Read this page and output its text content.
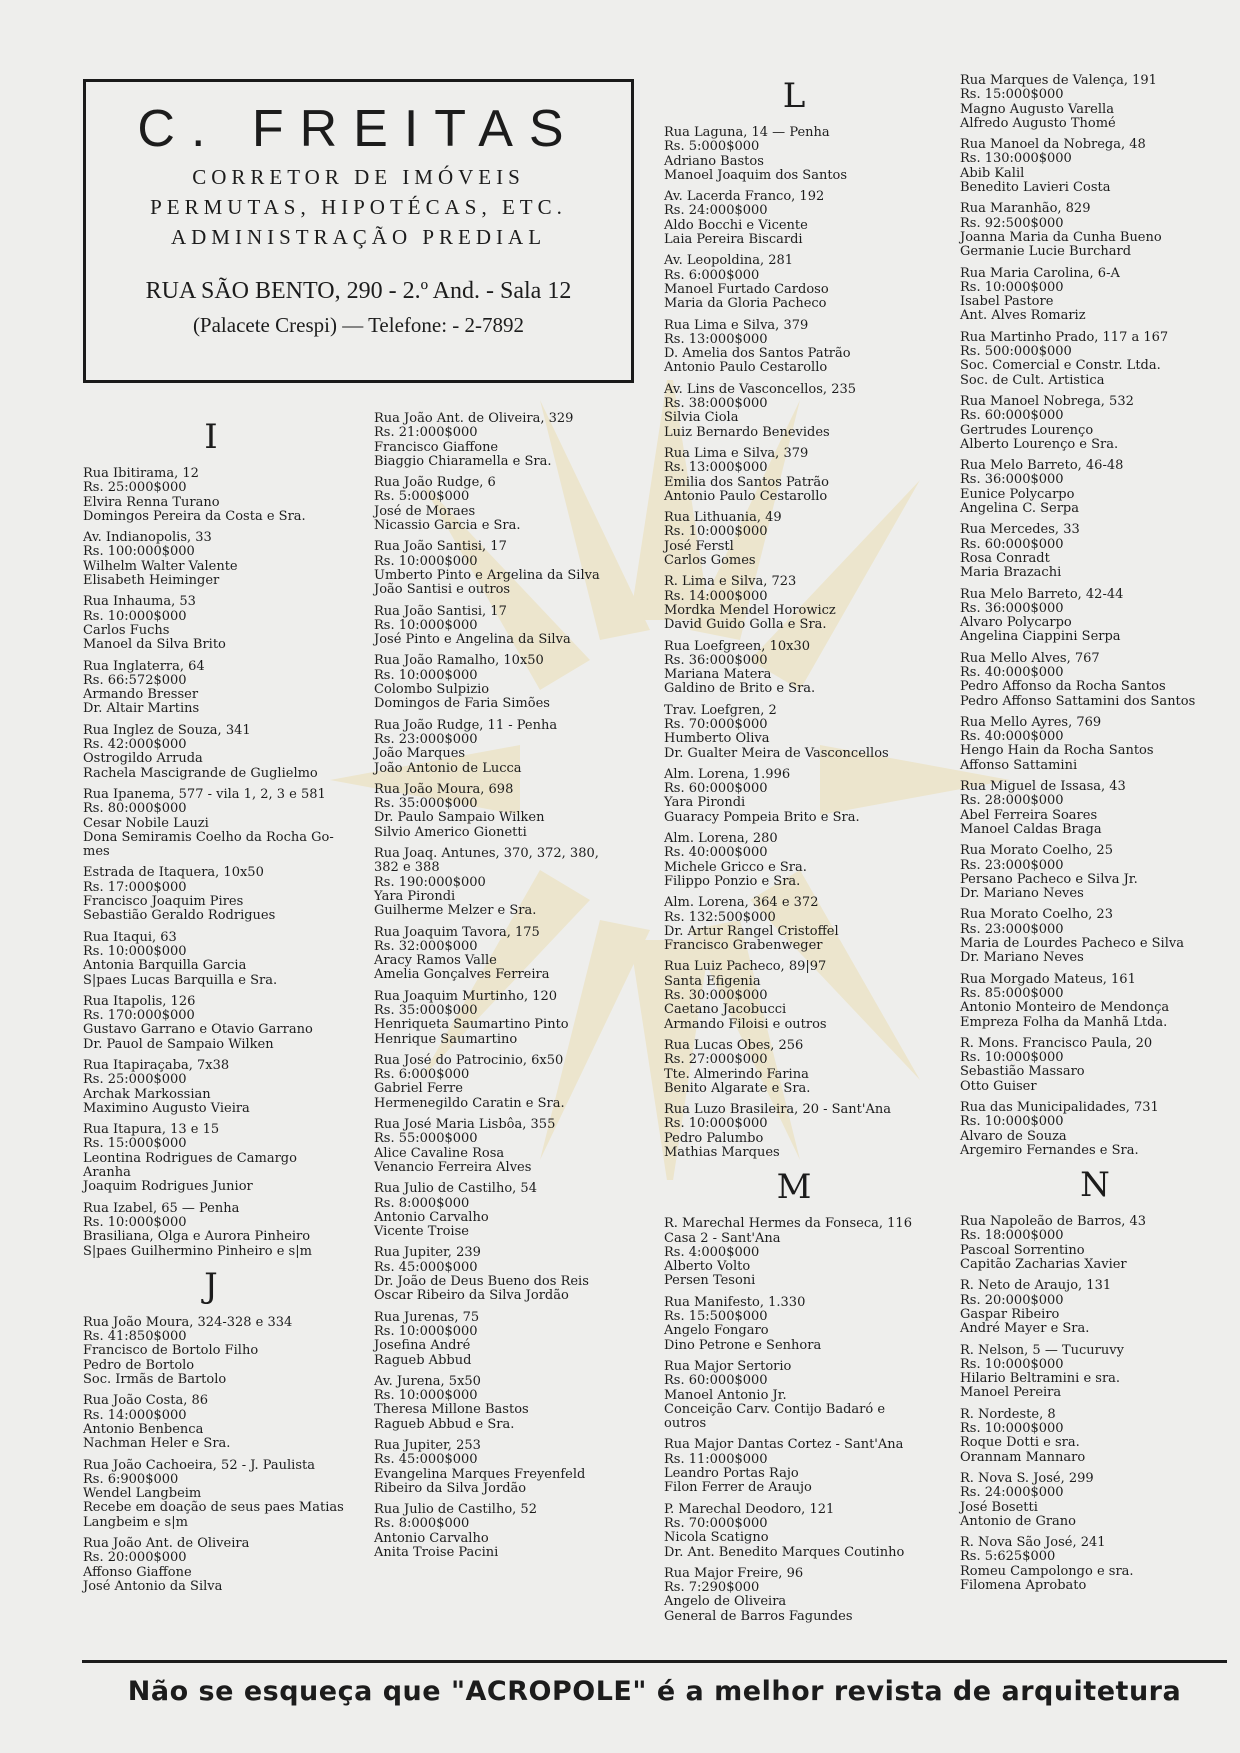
C. FREITAS
CORRETOR DE IMÓVEIS
PERMUTAS, HIPOTÉCAS, ETC.
ADMINISTRAÇÃO PREDIAL
RUA SÃO BENTO, 290 - 2.º And. - Sala 12
(Palacete Crespi) — Telefone: - 2-7892
I
Rua Ibitirama, 12
Rs. 25:000$000
Elvira Renna Turano
Domingos Pereira da Costa e Sra.
Av. Indianopolis, 33
Rs. 100:000$000
Wilhelm Walter Valente
Elisabeth Heiminger
Rua Inhauma, 53
Rs. 10:000$000
Carlos Fuchs
Manoel da Silva Brito
Rua Inglaterra, 64
Rs. 66:572$000
Armando Bresser
Dr. Altair Martins
Rua Inglez de Souza, 341
Rs. 42:000$000
Ostrogildo Arruda
Rachela Mascigrande de Guglielmo
Rua Ipanema, 577 - vila 1, 2, 3 e 581
Rs. 80:000$000
Cesar Nobile Lauzi
Dona Semiramis Coelho da Rocha Go-
mes
Estrada de Itaquera, 10x50
Rs. 17:000$000
Francisco Joaquim Pires
Sebastião Geraldo Rodrigues
Rua Itaqui, 63
Rs. 10:000$000
Antonia Barquilla Garcia
S|paes Lucas Barquilla e Sra.
Rua Itapolis, 126
Rs. 170:000$000
Gustavo Garrano e Otavio Garrano
Dr. Pauol de Sampaio Wilken
Rua Itapiraçaba, 7x38
Rs. 25:000$000
Archak Markossian
Maximino Augusto Vieira
Rua Itapura, 13 e 15
Rs. 15:000$000
Leontina Rodrigues de Camargo
Aranha
Joaquim Rodrigues Junior
Rua Izabel, 65 — Penha
Rs. 10:000$000
Brasiliana, Olga e Aurora Pinheiro
S|paes Guilhermino Pinheiro e s|m
J
Rua João Moura, 324-328 e 334
Rs. 41:850$000
Francisco de Bortolo Filho
Pedro de Bortolo
Soc. Irmãs de Bartolo
Rua João Costa, 86
Rs. 14:000$000
Antonio Benbenca
Nachman Heler e Sra.
Rua João Cachoeira, 52 - J. Paulista
Rs. 6:900$000
Wendel Langbeim
Recebe em doação de seus paes Matias
Langbeim e s|m
Rua João Ant. de Oliveira
Rs. 20:000$000
Affonso Giaffone
José Antonio da Silva
Rua João Ant. de Oliveira, 329
Rs. 21:000$000
Francisco Giaffone
Biaggio Chiaramella e Sra.
Rua João Rudge, 6
Rs. 5:000$000
José de Moraes
Nicassio Garcia e Sra.
Rua João Santisi, 17
Rs. 10:000$000
Umberto Pinto e Argelina da Silva
João Santisi e outros
Rua João Santisi, 17
Rs. 10:000$000
José Pinto e Angelina da Silva
Rua João Ramalho, 10x50
Rs. 10:000$000
Colombo Sulpizio
Domingos de Faria Simões
Rua João Rudge, 11 - Penha
Rs. 23:000$000
João Marques
João Antonio de Lucca
Rua João Moura, 698
Rs. 35:000$000
Dr. Paulo Sampaio Wilken
Silvio Americo Gionetti
Rua Joaq. Antunes, 370, 372, 380,
382 e 388
Rs. 190:000$000
Yara Pirondi
Guilherme Melzer e Sra.
Rua Joaquim Tavora, 175
Rs. 32:000$000
Aracy Ramos Valle
Amelia Gonçalves Ferreira
Rua Joaquim Murtinho, 120
Rs. 35:000$000
Henriqueta Saumartino Pinto
Henrique Saumartino
Rua José do Patrocinio, 6x50
Rs. 6:000$000
Gabriel Ferre
Hermenegildo Caratin e Sra.
Rua José Maria Lisbôa, 355
Rs. 55:000$000
Alice Cavaline Rosa
Venancio Ferreira Alves
Rua Julio de Castilho, 54
Rs. 8:000$000
Antonio Carvalho
Vicente Troise
Rua Jupiter, 239
Rs. 45:000$000
Dr. João de Deus Bueno dos Reis
Oscar Ribeiro da Silva Jordão
Rua Jurenas, 75
Rs. 10:000$000
Josefina André
Ragueb Abbud
Av. Jurena, 5x50
Rs. 10:000$000
Theresa Millone Bastos
Ragueb Abbud e Sra.
Rua Jupiter, 253
Rs. 45:000$000
Evangelina Marques Freyenfeld
Ribeiro da Silva Jordão
Rua Julio de Castilho, 52
Rs. 8:000$000
Antonio Carvalho
Anita Troise Pacini
L
Rua Laguna, 14 — Penha
Rs. 5:000$000
Adriano Bastos
Manoel Joaquim dos Santos
Av. Lacerda Franco, 192
Rs. 24:000$000
Aldo Bocchi e Vicente
Laia Pereira Biscardi
Av. Leopoldina, 281
Rs. 6:000$000
Manoel Furtado Cardoso
Maria da Gloria Pacheco
Rua Lima e Silva, 379
Rs. 13:000$000
D. Amelia dos Santos Patrão
Antonio Paulo Cestarollo
Av. Lins de Vasconcellos, 235
Rs. 38:000$000
Silvia Ciola
Luiz Bernardo Benevides
Rua Lima e Silva, 379
Rs. 13:000$000
Emilia dos Santos Patrão
Antonio Paulo Cestarollo
Rua Lithuania, 49
Rs. 10:000$000
José Ferstl
Carlos Gomes
R. Lima e Silva, 723
Rs. 14:000$000
Mordka Mendel Horowicz
David Guido Golla e Sra.
Rua Loefgreen, 10x30
Rs. 36:000$000
Mariana Matera
Galdino de Brito e Sra.
Trav. Loefgren, 2
Rs. 70:000$000
Humberto Oliva
Dr. Gualter Meira de Vasconcellos
Alm. Lorena, 1.996
Rs. 60:000$000
Yara Pirondi
Guaracy Pompeia Brito e Sra.
Alm. Lorena, 280
Rs. 40:000$000
Michele Gricco e Sra.
Filippo Ponzio e Sra.
Alm. Lorena, 364 e 372
Rs. 132:500$000
Dr. Artur Rangel Cristoffel
Francisco Grabenweger
Rua Luiz Pacheco, 89|97
Santa Efigenia
Rs. 30:000$000
Caetano Jacobucci
Armando Filoisi e outros
Rua Lucas Obes, 256
Rs. 27:000$000
Tte. Almerindo Farina
Benito Algarate e Sra.
Rua Luzo Brasileira, 20 - Sant'Ana
Rs. 10:000$000
Pedro Palumbo
Mathias Marques
M
R. Marechal Hermes da Fonseca, 116
Casa 2 - Sant'Ana
Rs. 4:000$000
Alberto Volto
Persen Tesoni
Rua Manifesto, 1.330
Rs. 15:500$000
Angelo Fongaro
Dino Petrone e Senhora
Rua Major Sertorio
Rs. 60:000$000
Manoel Antonio Jr.
Conceição Carv. Contijo Badaró e
outros
Rua Major Dantas Cortez - Sant'Ana
Rs. 11:000$000
Leandro Portas Rajo
Filon Ferrer de Araujo
P. Marechal Deodoro, 121
Rs. 70:000$000
Nicola Scatigno
Dr. Ant. Benedito Marques Coutinho
Rua Major Freire, 96
Rs. 7:290$000
Angelo de Oliveira
General de Barros Fagundes
Rua Marques de Valença, 191
Rs. 15:000$000
Magno Augusto Varella
Alfredo Augusto Thomé
Rua Manoel da Nobrega, 48
Rs. 130:000$000
Abib Kalil
Benedito Lavieri Costa
Rua Maranhão, 829
Rs. 92:500$000
Joanna Maria da Cunha Bueno
Germanie Lucie Burchard
Rua Maria Carolina, 6-A
Rs. 10:000$000
Isabel Pastore
Ant. Alves Romariz
Rua Martinho Prado, 117 a 167
Rs. 500:000$000
Soc. Comercial e Constr. Ltda.
Soc. de Cult. Artistica
Rua Manoel Nobrega, 532
Rs. 60:000$000
Gertrudes Lourenço
Alberto Lourenço e Sra.
Rua Melo Barreto, 46-48
Rs. 36:000$000
Eunice Polycarpo
Angelina C. Serpa
Rua Mercedes, 33
Rs. 60:000$000
Rosa Conradt
Maria Brazachi
Rua Melo Barreto, 42-44
Rs. 36:000$000
Alvaro Polycarpo
Angelina Ciappini Serpa
Rua Mello Alves, 767
Rs. 40:000$000
Pedro Affonso da Rocha Santos
Pedro Affonso Sattamini dos Santos
Rua Mello Ayres, 769
Rs. 40:000$000
Hengo Hain da Rocha Santos
Affonso Sattamini
Rua Miguel de Issasa, 43
Rs. 28:000$000
Abel Ferreira Soares
Manoel Caldas Braga
Rua Morato Coelho, 25
Rs. 23:000$000
Persano Pacheco e Silva Jr.
Dr. Mariano Neves
Rua Morato Coelho, 23
Rs. 23:000$000
Maria de Lourdes Pacheco e Silva
Dr. Mariano Neves
Rua Morgado Mateus, 161
Rs. 85:000$000
Antonio Monteiro de Mendonça
Empreza Folha da Manhã Ltda.
R. Mons. Francisco Paula, 20
Rs. 10:000$000
Sebastião Massaro
Otto Guiser
Rua das Municipalidades, 731
Rs. 10:000$000
Alvaro de Souza
Argemiro Fernandes e Sra.
N
Rua Napoleão de Barros, 43
Rs. 18:000$000
Pascoal Sorrentino
Capitão Zacharias Xavier
R. Neto de Araujo, 131
Rs. 20:000$000
Gaspar Ribeiro
André Mayer e Sra.
R. Nelson, 5 — Tucuruvy
Rs. 10:000$000
Hilario Beltramini e sra.
Manoel Pereira
R. Nordeste, 8
Rs. 10:000$000
Roque Dotti e sra.
Orannam Mannaro
R. Nova S. José, 299
Rs. 24:000$000
José Bosetti
Antonio de Grano
R. Nova São José, 241
Rs. 5:625$000
Romeu Campolongo e sra.
Filomena Aprobato
Não se esqueça que "ACROPOLE" é a melhor revista de arquitetura
